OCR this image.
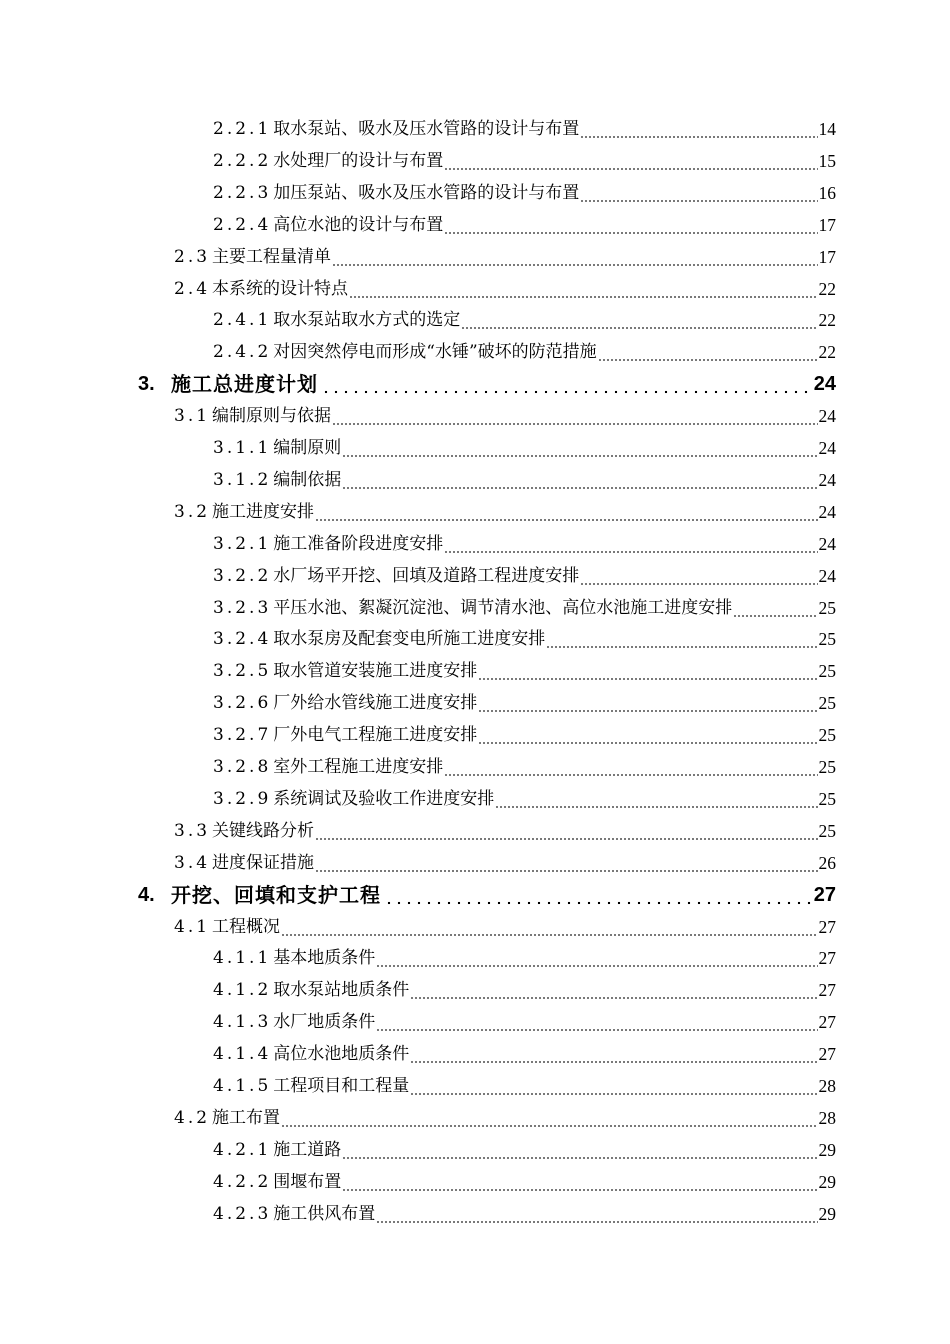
2.2.1 取水泵站、吸水及压水管路的设计与布置	14
2.2.2 水处理厂的设计与布置	15
2.2.3 加压泵站、吸水及压水管路的设计与布置	16
2.2.4 高位水池的设计与布置	17
2.3 主要工程量清单	17
2.4 本系统的设计特点	22
2.4.1 取水泵站取水方式的选定	22
2.4.2 对因突然停电而形成“水锤”破坏的防范措施	22
3. 施工总进度计划	24
3.1 编制原则与依据	24
3.1.1 编制原则	24
3.1.2 编制依据	24
3.2 施工进度安排	24
3.2.1 施工准备阶段进度安排	24
3.2.2 水厂场平开挖、回填及道路工程进度安排	24
3.2.3 平压水池、絮凝沉淀池、调节清水池、高位水池施工进度安排	25
3.2.4 取水泵房及配套变电所施工进度安排	25
3.2.5 取水管道安装施工进度安排	25
3.2.6 厂外给水管线施工进度安排	25
3.2.7 厂外电气工程施工进度安排	25
3.2.8 室外工程施工进度安排	25
3.2.9 系统调试及验收工作进度安排	25
3.3 关键线路分析	25
3.4 进度保证措施	26
4. 开挖、回填和支护工程	27
4.1 工程概况	27
4.1.1 基本地质条件	27
4.1.2 取水泵站地质条件	27
4.1.3 水厂地质条件	27
4.1.4 高位水池地质条件	27
4.1.5 工程项目和工程量	28
4.2 施工布置	28
4.2.1 施工道路	29
4.2.2 围堰布置	29
4.2.3 施工供风布置	29
